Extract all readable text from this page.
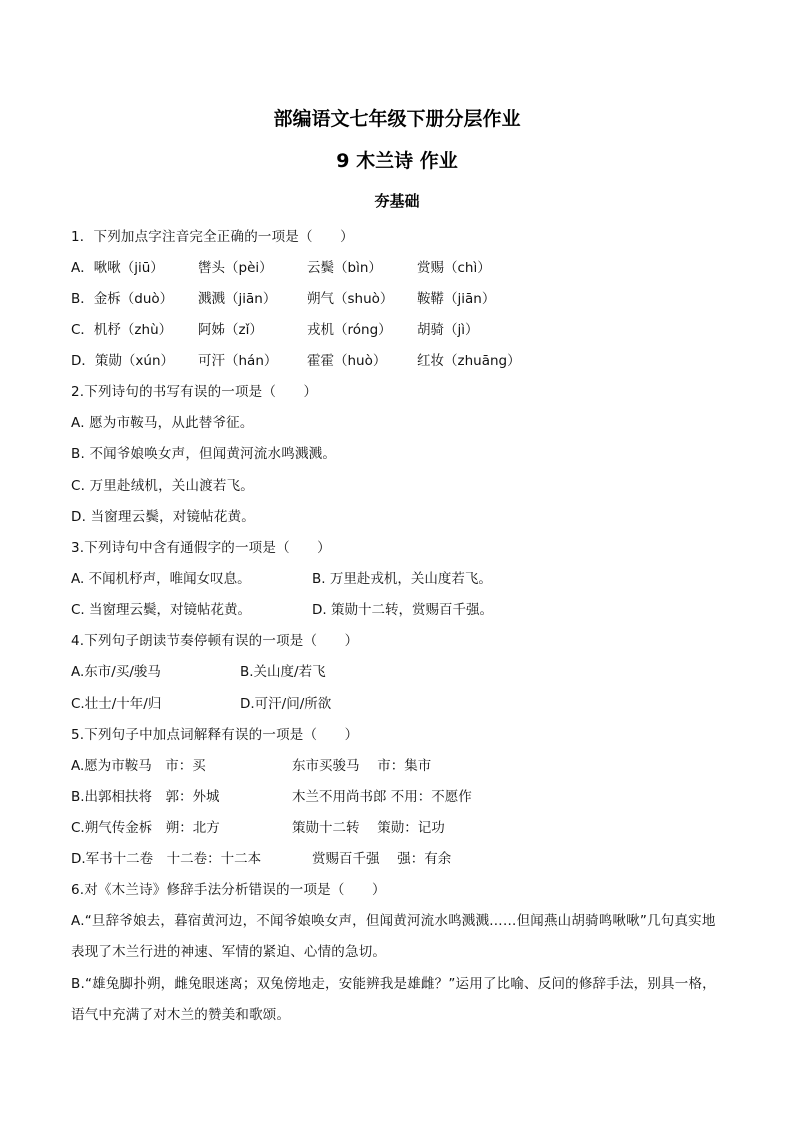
部编语文七年级下册分层作业
9 木兰诗 作业
夯基础
1．下列加点字注音完全正确的一项是（　　）
A．啾啾（jiū）	辔头（pèi）	云鬓（bìn）	赏赐（chì）
B．金柝（duò） 溅溅（jiān） 朔气（shuò） 鞍鞯（jiān）
C．机杼（zhù） 阿姊（zǐ）	戎机（róng） 胡骑（jì）
D．策勋（xún） 可汗（hán） 霍霍（huò） 红妆（zhuāng）
2.下列诗句的书写有误的一项是（　　）
A. 愿为市鞍马，从此替爷征。
B. 不闻爷娘唤女声，但闻黄河流水鸣溅溅。
C. 万里赴绒机，关山渡若飞。
D. 当窗理云鬓，对镜帖花黄。
3.下列诗句中含有通假字的一项是（　　）
A. 不闻机杼声，唯闻女叹息。	B. 万里赴戎机，关山度若飞。
C. 当窗理云鬓，对镜帖花黄。	D. 策勋十二转，赏赐百千强。
4.下列句子朗读节奏停顿有误的一项是（　　）
A.东市/买/骏马	B.关山度/若飞
C.壮士/十年/归	D.可汗/问/所欲
5.下列句子中加点词解释有误的一项是（　　）
A.愿为市鞍马　市：买	东市买骏马　 市：集市
B.出郭相扶将　郭：外城	木兰不用尚书郎 不用：不愿作
C.朔气传金柝　朔：北方	策勋十二转　 策勋：记功
D.军书十二卷　十二卷：十二本	赏赐百千强　 强：有余
6.对《木兰诗》修辞手法分析错误的一项是（　　）
A.“旦辞爷娘去，暮宿黄河边，不闻爷娘唤女声，但闻黄河流水鸣溅溅……但闻燕山胡骑鸣啾啾”几句真实地表现了木兰行进的神速、军情的紧迫、心情的急切。
B.“雄兔脚扑朔，雌兔眼迷离；双兔傍地走，安能辨我是雄雌？”运用了比喻、反问的修辞手法，别具一格，语气中充满了对木兰的赞美和歌颂。
